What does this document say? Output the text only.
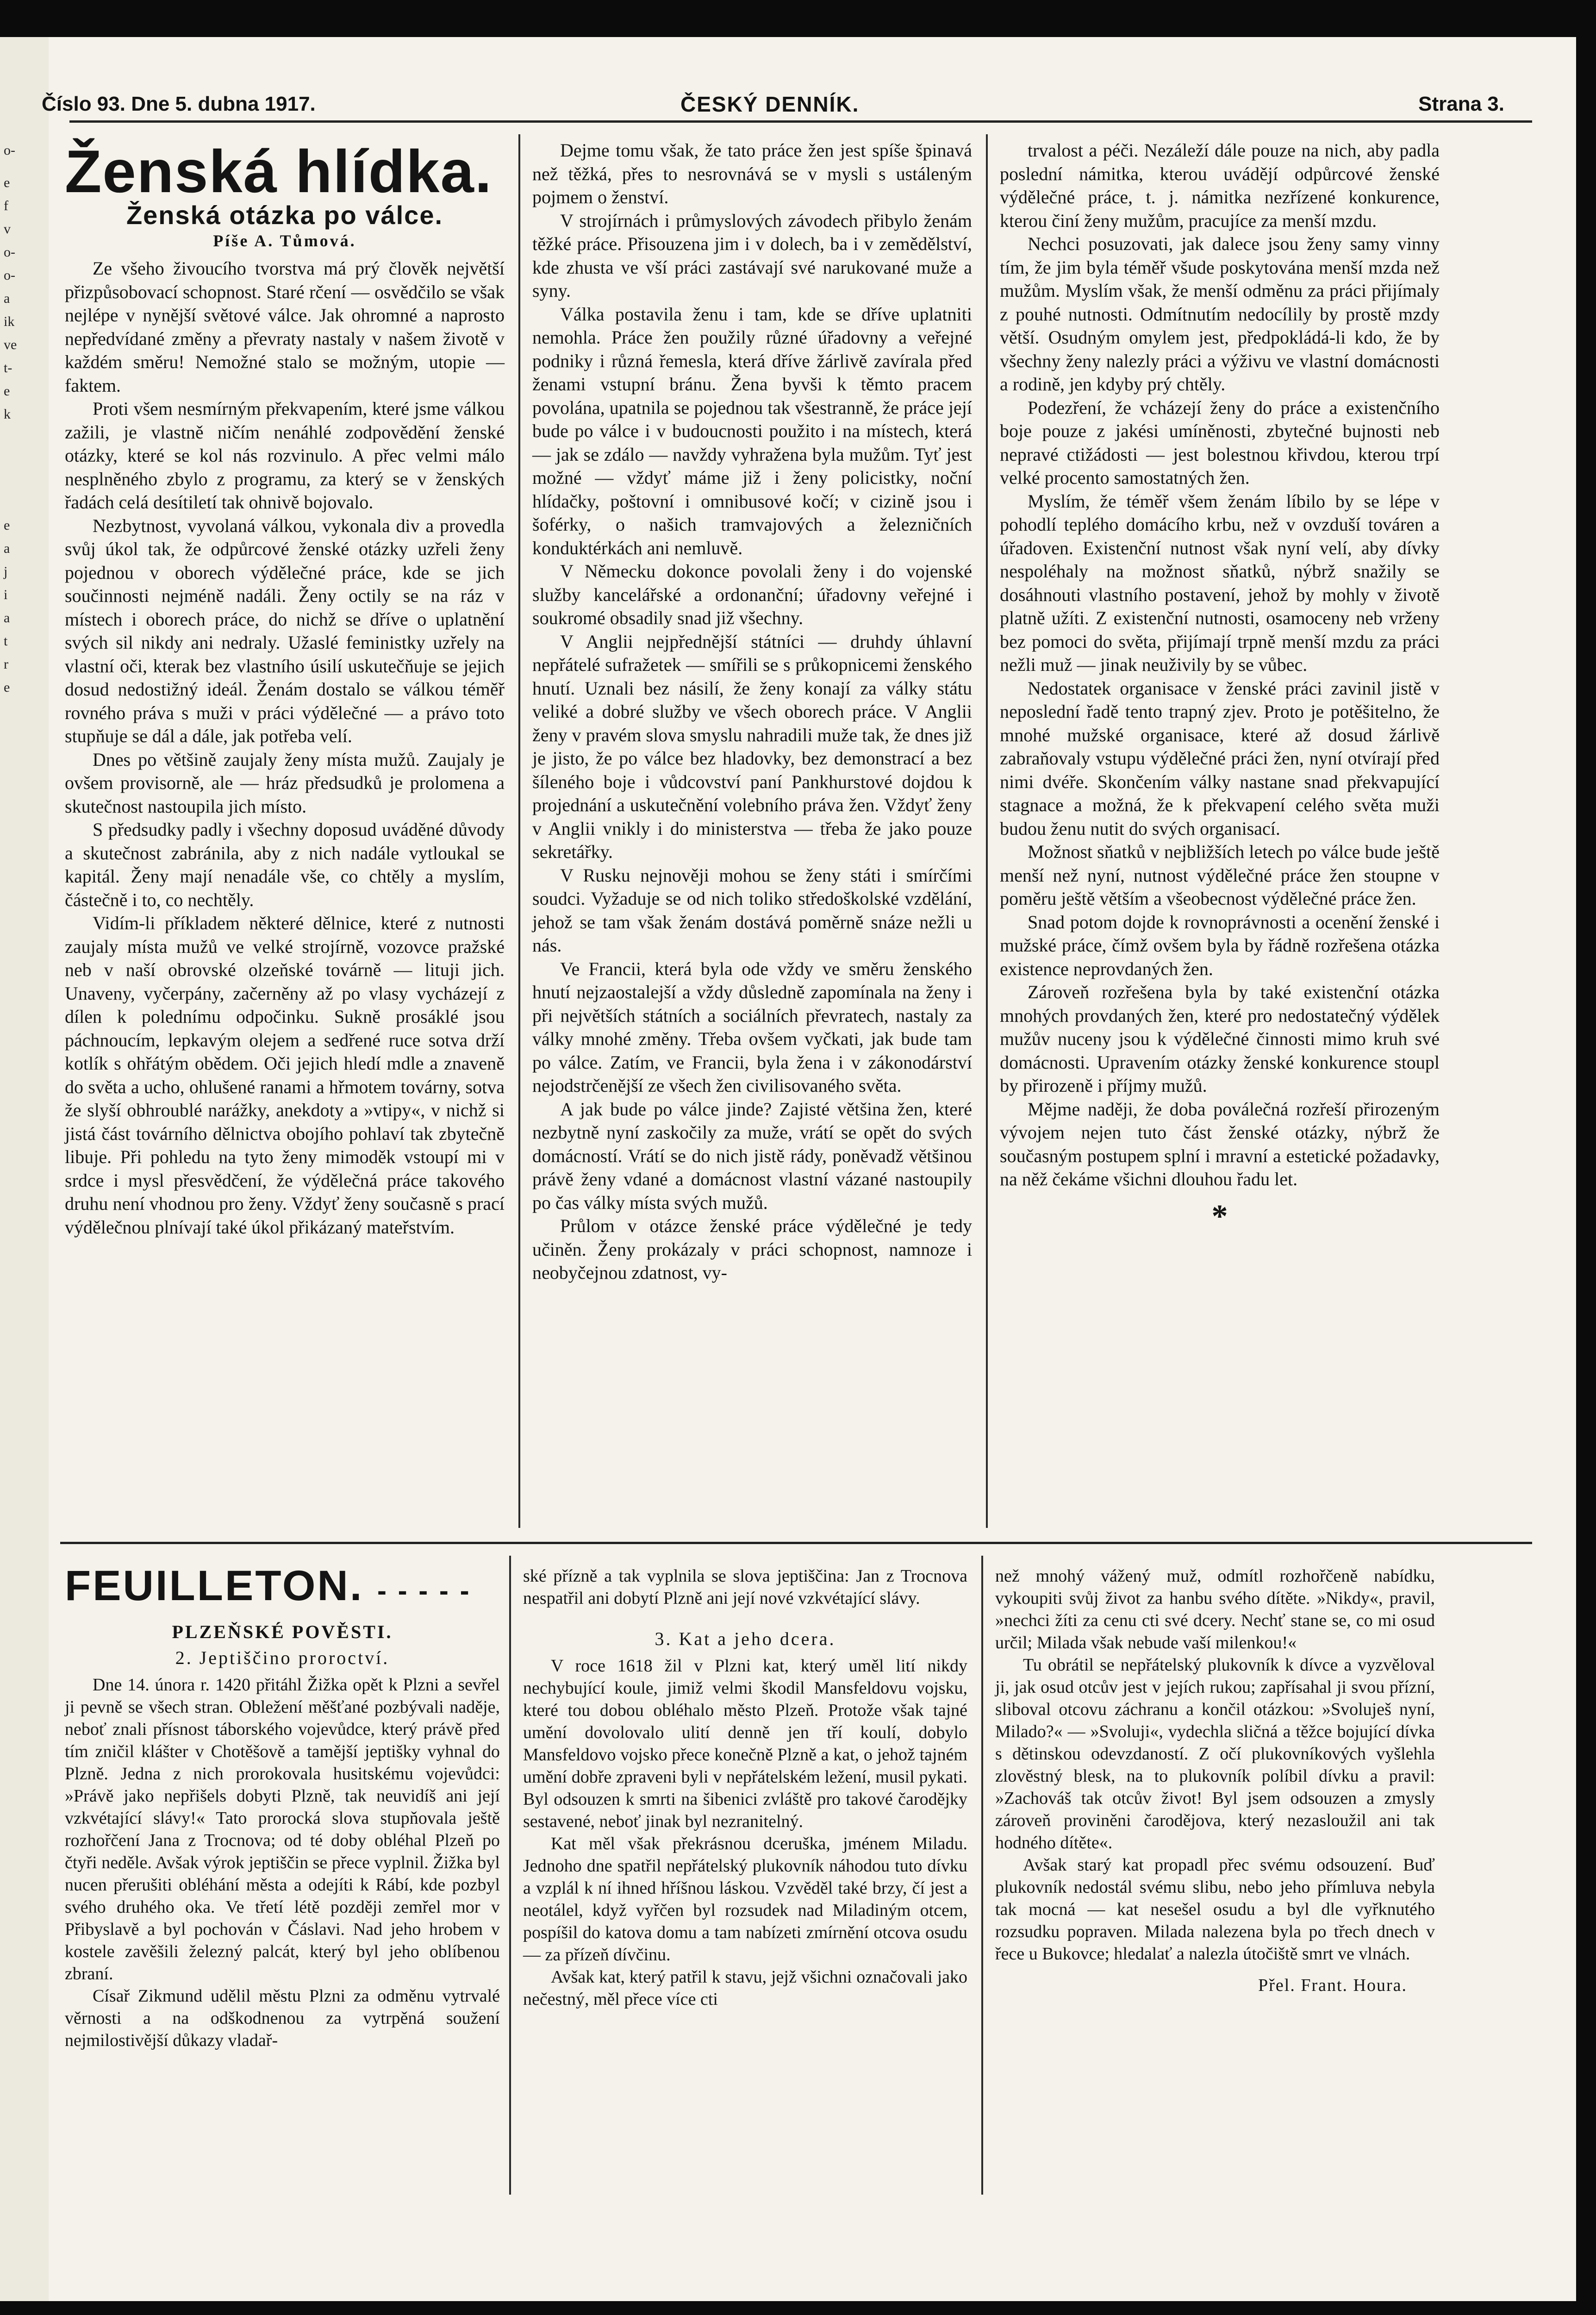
o-
e
f
v
o-
o-
a
ik
ve
t-
e
k
e
a
j
i
a
t
r
e
Číslo 93. Dne 5. dubna 1917.	ČESKÝ DENNÍK.	Strana 3.
Ženská hlídka.
Ženská otázka po válce.
Píše A. Tůmová.

Ze všeho živoucího tvorstva má prý člověk největší přizpůsobovací schopnost. Staré rčení — osvědčilo se však nejlépe v nynější světové válce. Jak ohromné a naprosto nepředvídané změny a převraty nastaly v našem životě v každém směru! Nemožné stalo se možným, utopie — faktem.

Proti všem nesmírným překvapením, které jsme válkou zažili, je vlastně ničím nenáhlé zodpovědění ženské otázky, které se kol nás rozvinulo. A přec velmi málo nesplněného zbylo z programu, za který se v ženských řadách celá desítiletí tak ohnivě bojovalo.

Nezbytnost, vyvolaná válkou, vykonala div a provedla svůj úkol tak, že odpůrcové ženské otázky uzřeli ženy pojednou v oborech výdělečné práce, kde se jich součinnosti nejméně nadáli. Ženy octily se na ráz v místech i oborech práce, do nichž se dříve o uplatnění svých sil nikdy ani nedraly. Užaslé feministky uzřely na vlastní oči, kterak bez vlastního úsilí uskutečňuje se jejich dosud nedostižný ideál. Ženám dostalo se válkou téměř rovného práva s muži v práci výdělečné — a právo toto stupňuje se dál a dále, jak potřeba velí.

Dnes po většině zaujaly ženy místa mužů. Zaujaly je ovšem provisorně, ale — hráz předsudků je prolomena a skutečnost nastoupila jich místo.

S předsudky padly i všechny doposud uváděné důvody a skutečnost zabránila, aby z nich nadále vytloukal se kapitál. Ženy mají nenadále vše, co chtěly a myslím, částečně i to, co nechtěly.

Vidím-li příkladem některé dělnice, které z nutnosti zaujaly místa mužů ve velké strojírně, vozovce pražské neb v naší obrovské olzeňské továrně — lituji jich. Unaveny, vyčerpány, začerněny až po vlasy vycházejí z dílen k polednímu odpočinku. Sukně prosáklé jsou páchnoucím, lepkavým olejem a sedřené ruce sotva drží kotlík s ohřátým obědem. Oči jejich hledí mdle a znaveně do světa a ucho, ohlušené ranami a hřmotem továrny, sotva že slyší obhroublé narážky, anekdoty a »vtipy«, v nichž si jistá část továrního dělnictva obojího pohlaví tak zbytečně libuje. Při pohledu na tyto ženy mimoděk vstoupí mi v srdce i mysl přesvědčení, že výdělečná práce takového druhu není vhodnou pro ženy. Vždyť ženy současně s prací výdělečnou plnívají také úkol přikázaný mateřstvím.

Dejme tomu však, že tato práce žen jest spíše špinavá než těžká, přes to nesrovnává se v mysli s ustáleným pojmem o ženství.

V strojírnách i průmyslových závodech přibylo ženám těžké práce. Přisouzena jim i v dolech, ba i v zemědělství, kde zhusta ve vší práci zastávají své narukované muže a syny.

Válka postavila ženu i tam, kde se dříve uplatniti nemohla. Práce žen použily různé úřadovny a veřejné podniky i různá řemesla, která dříve žárlivě zavírala před ženami vstupní bránu. Žena byvši k těmto pracem povolána, upatnila se pojednou tak všestranně, že práce její bude po válce i v budoucnosti použito i na místech, která — jak se zdálo — navždy vyhražena byla mužům. Tyť jest možné — vždyť máme již i ženy policistky, noční hlídačky, poštovní i omnibusové kočí; v cizině jsou i šoférky, o našich tramvajových a železničních konduktérkách ani nemluvě.

V Německu dokonce povolali ženy i do vojenské služby kancelářské a ordonanční; úřadovny veřejné i soukromé obsadily snad již všechny.

V Anglii nejpřednější státníci — druhdy úhlavní nepřátelé sufražetek — smířili se s průkopnicemi ženského hnutí. Uznali bez násilí, že ženy konají za války státu veliké a dobré služby ve všech oborech práce. V Anglii ženy v pravém slova smyslu nahradili muže tak, že dnes již je jisto, že po válce bez hladovky, bez demonstrací a bez šíleného boje i vůdcovství paní Pankhurstové dojdou k projednání a uskutečnění volebního práva žen. Vždyť ženy v Anglii vnikly i do ministerstva — třeba že jako pouze sekretářky.

V Rusku nejnověji mohou se ženy státi i smírčími soudci. Vyžaduje se od nich toliko středoškolské vzdělání, jehož se tam však ženám dostává poměrně snáze nežli u nás.

Ve Francii, která byla ode vždy ve směru ženského hnutí nejzaostalejší a vždy důsledně zapomínala na ženy i při největších státních a sociálních převratech, nastaly za války mnohé změny. Třeba ovšem vyčkati, jak bude tam po válce. Zatím, ve Francii, byla žena i v zákonodárství nejodstrčenější ze všech žen civilisovaného světa.

A jak bude po válce jinde? Zajisté většina žen, které nezbytně nyní zaskočily za muže, vrátí se opět do svých domácností. Vrátí se do nich jistě rády, poněvadž většinou právě ženy vdané a domácnost vlastní vázané nastoupily po čas války místa svých mužů.

Průlom v otázce ženské práce výdělečné je tedy učiněn. Ženy prokázaly v práci schopnost, namnoze i neobyčejnou zdatnost, vy-

trvalost a péči. Nezáleží dále pouze na nich, aby padla poslední námitka, kterou uvádějí odpůrcové ženské výdělečné práce, t. j. námitka nezřízené konkurence, kterou činí ženy mužům, pracujíce za menší mzdu.

Nechci posuzovati, jak dalece jsou ženy samy vinny tím, že jim byla téměř všude poskytována menší mzda než mužům. Myslím však, že menší odměnu za práci přijímaly z pouhé nutnosti. Odmítnutím nedocílily by prostě mzdy větší. Osudným omylem jest, předpokládá-li kdo, že by všechny ženy nalezly práci a výživu ve vlastní domácnosti a rodině, jen kdyby prý chtěly.

Podezření, že vcházejí ženy do práce a existenčního boje pouze z jakési umíněnosti, zbytečné bujnosti neb nepravé ctižádosti — jest bolestnou křivdou, kterou trpí velké procento samostatných žen.

Myslím, že téměř všem ženám líbilo by se lépe v pohodlí teplého domácího krbu, než v ovzduší továren a úřadoven. Existenční nutnost však nyní velí, aby dívky nespoléhaly na možnost sňatků, nýbrž snažily se dosáhnouti vlastního postavení, jehož by mohly v životě platně užíti. Z existenční nutnosti, osamoceny neb vrženy bez pomoci do světa, přijímají trpně menší mzdu za práci nežli muž — jinak neuživily by se vůbec.

Nedostatek organisace v ženské práci zavinil jistě v neposlední řadě tento trapný zjev. Proto je potěšitelno, že mnohé mužské organisace, které až dosud žárlivě zabraňovaly vstupu výdělečné práci žen, nyní otvírají před nimi dvéře. Skončením války nastane snad překvapující stagnace a možná, že k překvapení celého světa muži budou ženu nutit do svých organisací.

Možnost sňatků v nejbližších letech po válce bude ještě menší než nyní, nutnost výdělečné práce žen stoupne v poměru ještě větším a všeobecnost výdělečné práce žen.

Snad potom dojde k rovnoprávnosti a ocenění ženské i mužské práce, čímž ovšem byla by řádně rozřešena otázka existence neprovdaných žen.

Zároveň rozřešena byla by také existenční otázka mnohých provdaných žen, které pro nedostatečný výdělek mužův nuceny jsou k výdělečné činnosti mimo kruh své domácnosti. Upravením otázky ženské konkurence stoupl by přirozeně i příjmy mužů.

Mějme naději, že doba poválečná rozřeší přirozeným vývojem nejen tuto část ženské otázky, nýbrž že současným postupem splní i mravní a estetické požadavky, na něž čekáme všichni dlouhou řadu let.

*
FEUILLETON. - - - - -
PLZEŇSKÉ POVĚSTI.
2. Jeptiščino proroctví.

Dne 14. února r. 1420 přitáhl Žižka opět k Plzni a sevřel ji pevně se všech stran. Obležení měšťané pozbývali naděje, neboť znali přísnost táborského vojevůdce, který právě před tím zničil klášter v Chotěšově a tamější jeptišky vyhnal do Plzně. Jedna z nich prorokovala husitskému vojevůdci: »Právě jako nepřišels dobyti Plzně, tak neuvidíš ani její vzkvétající slávy!« Tato prorocká slova stupňovala ještě rozhořčení Jana z Trocnova; od té doby obléhal Plzeň po čtyři neděle. Avšak výrok jeptiščin se přece vyplnil. Žižka byl nucen přerušiti obléhání města a odejíti k Rábí, kde pozbyl svého druhého oka. Ve třetí létě později zemřel mor v Přibyslavě a byl pochován v Čáslavi. Nad jeho hrobem v kostele zavěšili železný palcát, který byl jeho oblíbenou zbraní.

Císař Zikmund udělil městu Plzni za odměnu vytrvalé věrnosti a na odškodnenou za vytrpěná soužení nejmilostivější důkazy vladař-

ské přízně a tak vyplnila se slova jeptiščina: Jan z Trocnova nespatřil ani dobytí Plzně ani její nové vzkvétající slávy.

3. Kat a jeho dcera.

V roce 1618 žil v Plzni kat, který uměl lití nikdy nechybující koule, jimiž velmi škodil Mansfeldovu vojsku, které tou dobou obléhalo město Plzeň. Protože však tajné umění dovolovalo ulití denně jen tří koulí, dobylo Mansfeldovo vojsko přece konečně Plzně a kat, o jehož tajném umění dobře zpraveni byli v nepřátelském ležení, musil pykati. Byl odsouzen k smrti na šibenici zvláště pro takové čarodějky sestavené, neboť jinak byl nezranitelný.

Kat měl však překrásnou dceruška, jménem Miladu. Jednoho dne spatřil nepřátelský plukovník náhodou tuto dívku a vzplál k ní ihned hříšnou láskou. Vzvěděl také brzy, čí jest a neotálel, když vyřčen byl rozsudek nad Miladiným otcem, pospíšil do katova domu a tam nabízeti zmírnění otcova osudu — za přízeň dívčinu.

Avšak kat, který patřil k stavu, jejž všichni označovali jako nečestný, měl přece více cti

než mnohý vážený muž, odmítl rozhořčeně nabídku, vykoupiti svůj život za hanbu svého dítěte. »Nikdy«, pravil, »nechci žíti za cenu cti své dcery. Nechť stane se, co mi osud určil; Milada však nebude vaší milenkou!«

Tu obrátil se nepřátelský plukovník k dívce a vyzvěloval ji, jak osud otcův jest v jejích rukou; zapřísahal ji svou přízní, sliboval otcovu záchranu a končil otázkou: »Svoluješ nyní, Milado?« — »Svoluji«, vydechla sličná a těžce bojující dívka s dětinskou odevzdaností. Z očí plukovníkových vyšlehla zlověstný blesk, na to plukovník políbil dívku a pravil: »Zachováš tak otcův život! Byl jsem odsouzen a zmysly zároveň proviněni čarodějova, který nezasloužil ani tak hodného dítěte«.

Avšak starý kat propadl přec svému odsouzení. Buď plukovník nedostál svému slibu, nebo jeho přímluva nebyla tak mocná — kat nesešel osudu a byl dle vyřknutého rozsudku popraven. Milada nalezena byla po třech dnech v řece u Bukovce; hledalať a nalezla útočiště smrt ve vlnách.

Přel. Frant. Houra.
